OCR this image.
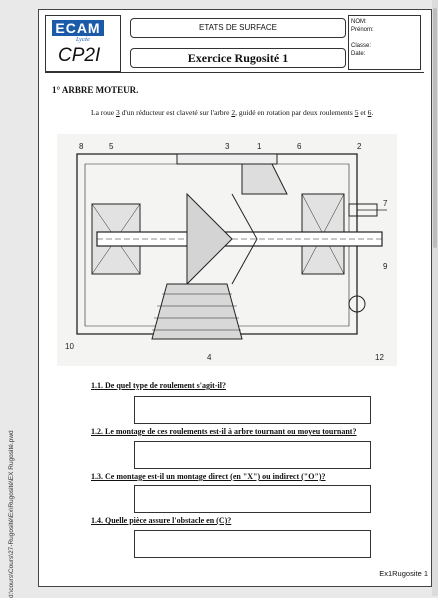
d:\cours\Cours\27-Rugosité\Ex\Rugosité\EX Rugosité.pwd
ECAM
Lycée
CP2I
ETATS DE SURFACE
Exercice Rugosité 1
NOM:
Prénom:
Classe:
Date:
1° ARBRE MOTEUR.
La roue 3 d'un réducteur est claveté sur l'arbre 2, guidé en rotation par deux roulements 5 et 6.
8	5	3	1	6	2
7
9
10
4	12
1.1. De quel type de roulement s'agit-il?
1.2. Le montage de ces roulements est-il à arbre tournant ou moyeu tournant?
1.3. Ce montage est-il un montage direct (en "X") ou indirect ("O")?
1.4. Quelle pièce assure l'obstacle en (C)?
Ex1Rugosite 1
